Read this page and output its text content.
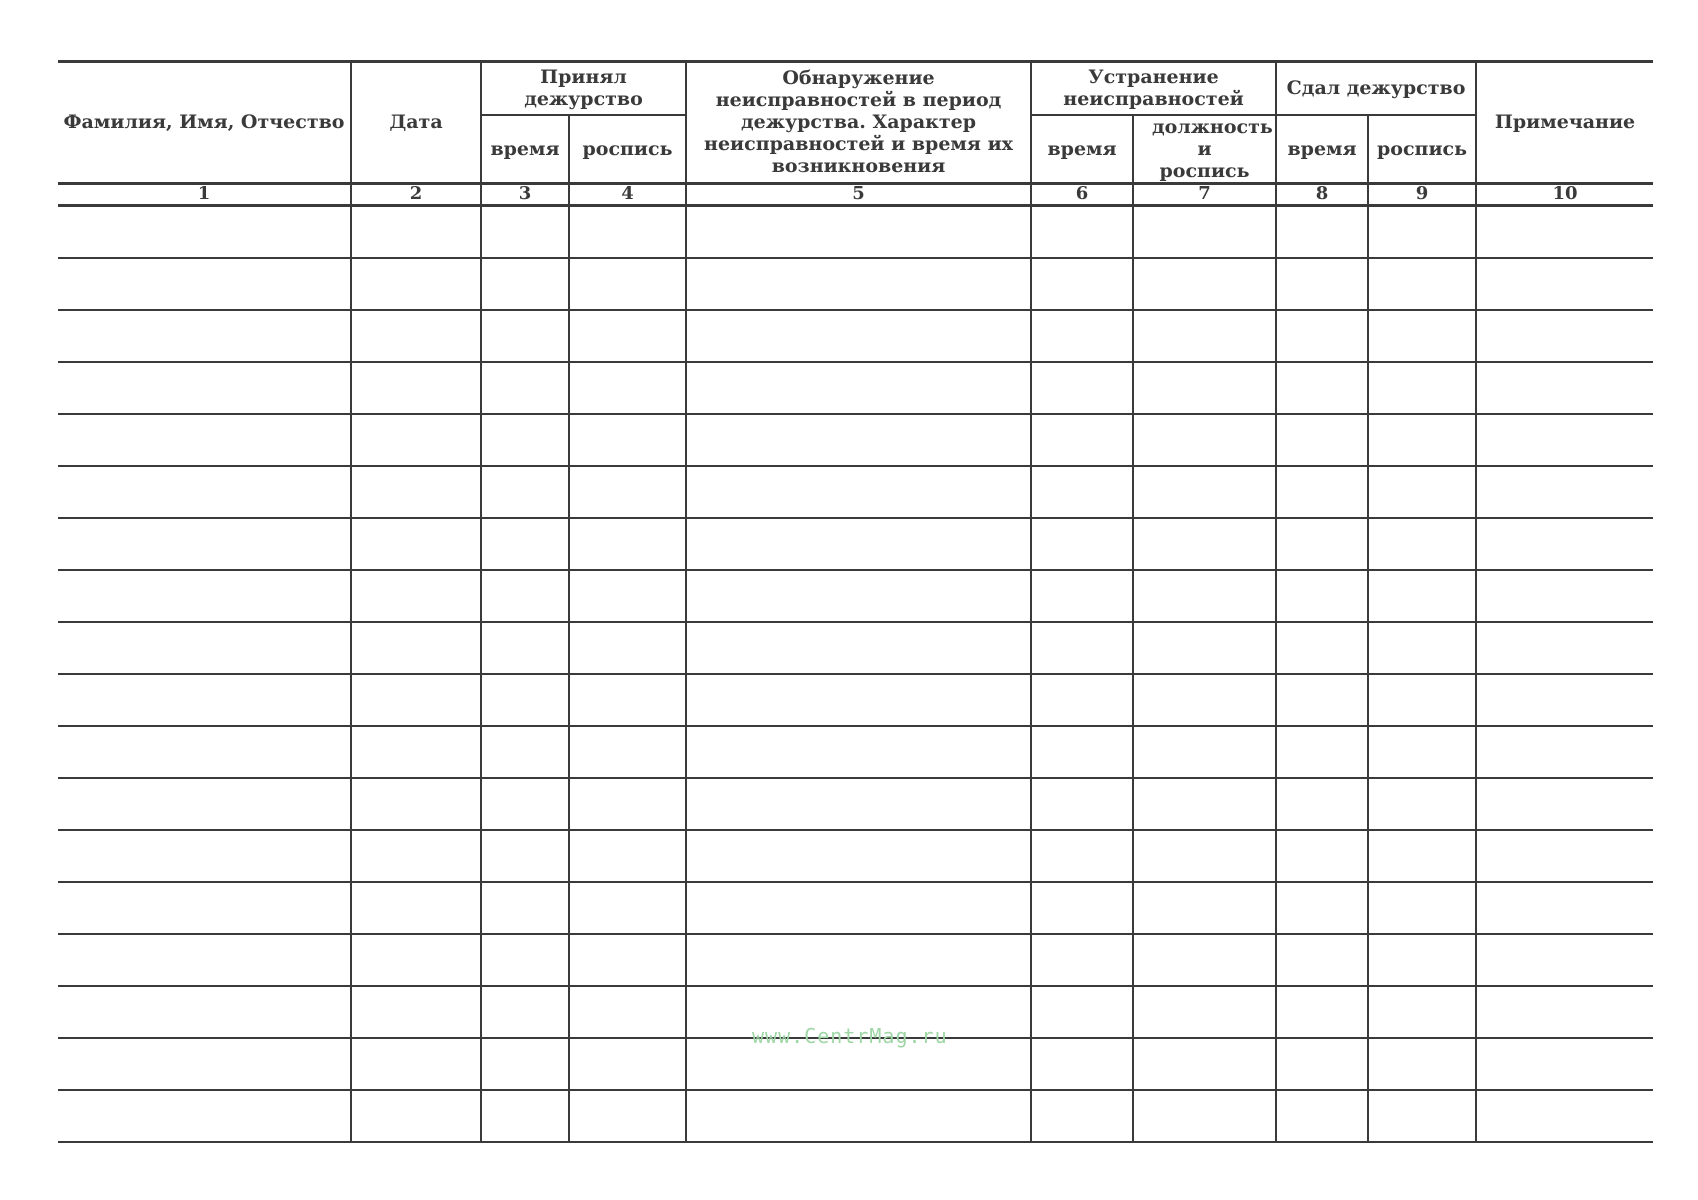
Фамилия, Имя, Отчество	Дата	Принял дежурство		Обнаружение неисправностей в период дежурства. Характер неисправностей и время их возникновения	Устранение неисправностей		Сдал дежурство		Примечание
		время	роспись		время	должность и роспись	время	роспись	
1	2	3	4	5	6	7	8	9	10

www.CentrMag.ru
